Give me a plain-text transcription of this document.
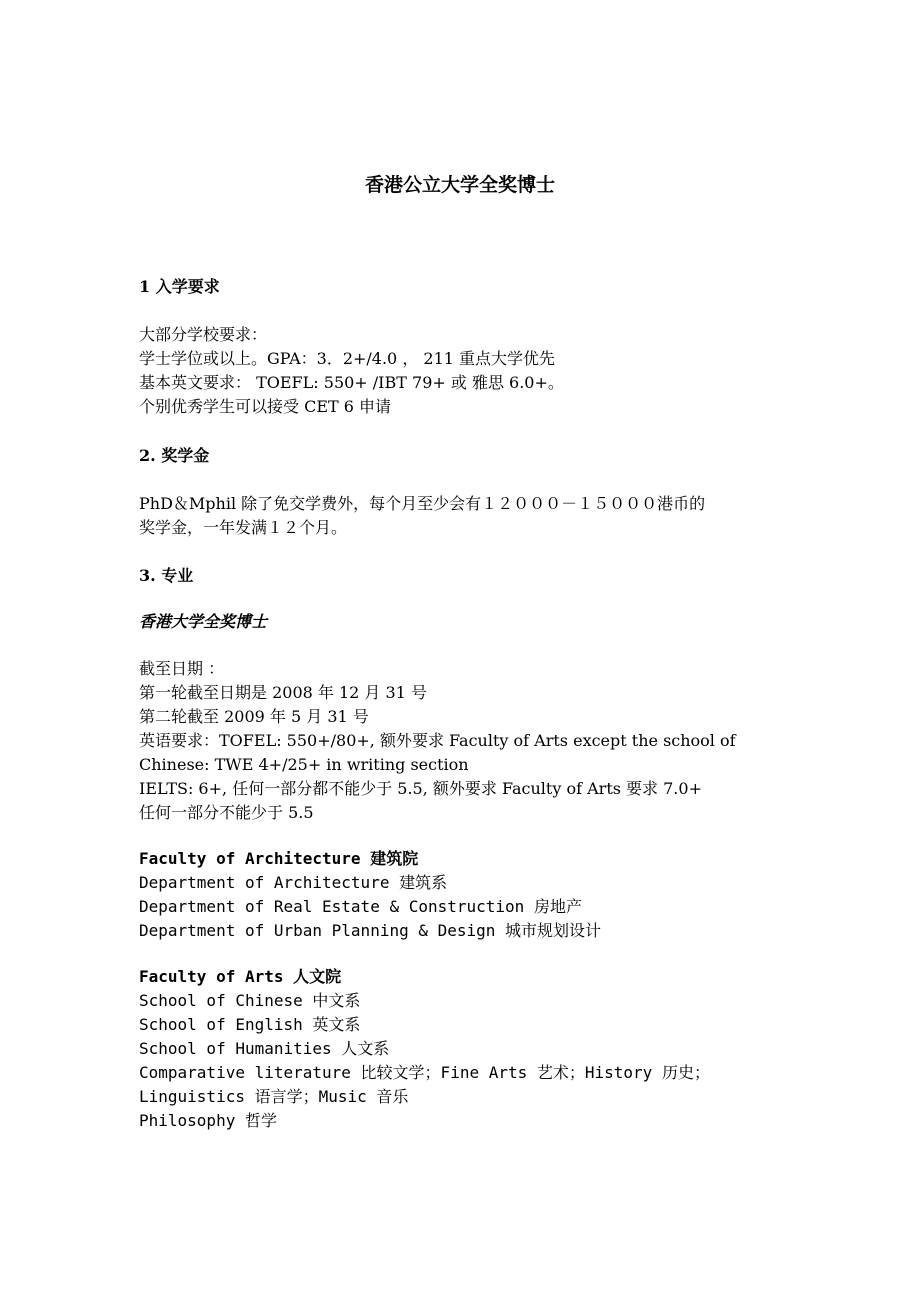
香港公立大学全奖博士
1 入学要求
大部分学校要求：
学士学位或以上。GPA：3．2+/4.0 ， 211 重点大学优先
基本英文要求： TOEFL: 550+ /IBT 79+ 或 雅思 6.0+。
个别优秀学生可以接受 CET 6 申请
2. 奖学金
PhD＆Mphil 除了免交学费外，每个月至少会有１２０００－１５０００港币的
奖学金，一年发满１２个月。
3. 专业
香港大学全奖博士
截至日期 ：
第一轮截至日期是 2008 年 12 月 31 号
第二轮截至 2009 年 5 月 31 号
英语要求：TOFEL: 550+/80+, 额外要求 Faculty of Arts except the school of
Chinese: TWE 4+/25+ in writing section
IELTS: 6+, 任何一部分都不能少于 5.5, 额外要求 Faculty of Arts 要求 7.0+
任何一部分不能少于 5.5
Faculty of Architecture 建筑院
Department of Architecture 建筑系
Department of Real Estate & Construction 房地产
Department of Urban Planning & Design 城市规划设计
Faculty of Arts 人文院
School of Chinese 中文系
School of English 英文系
School of Humanities 人文系
Comparative literature 比较文学；Fine Arts 艺术；History 历史；
Linguistics 语言学；Music 音乐
Philosophy 哲学
